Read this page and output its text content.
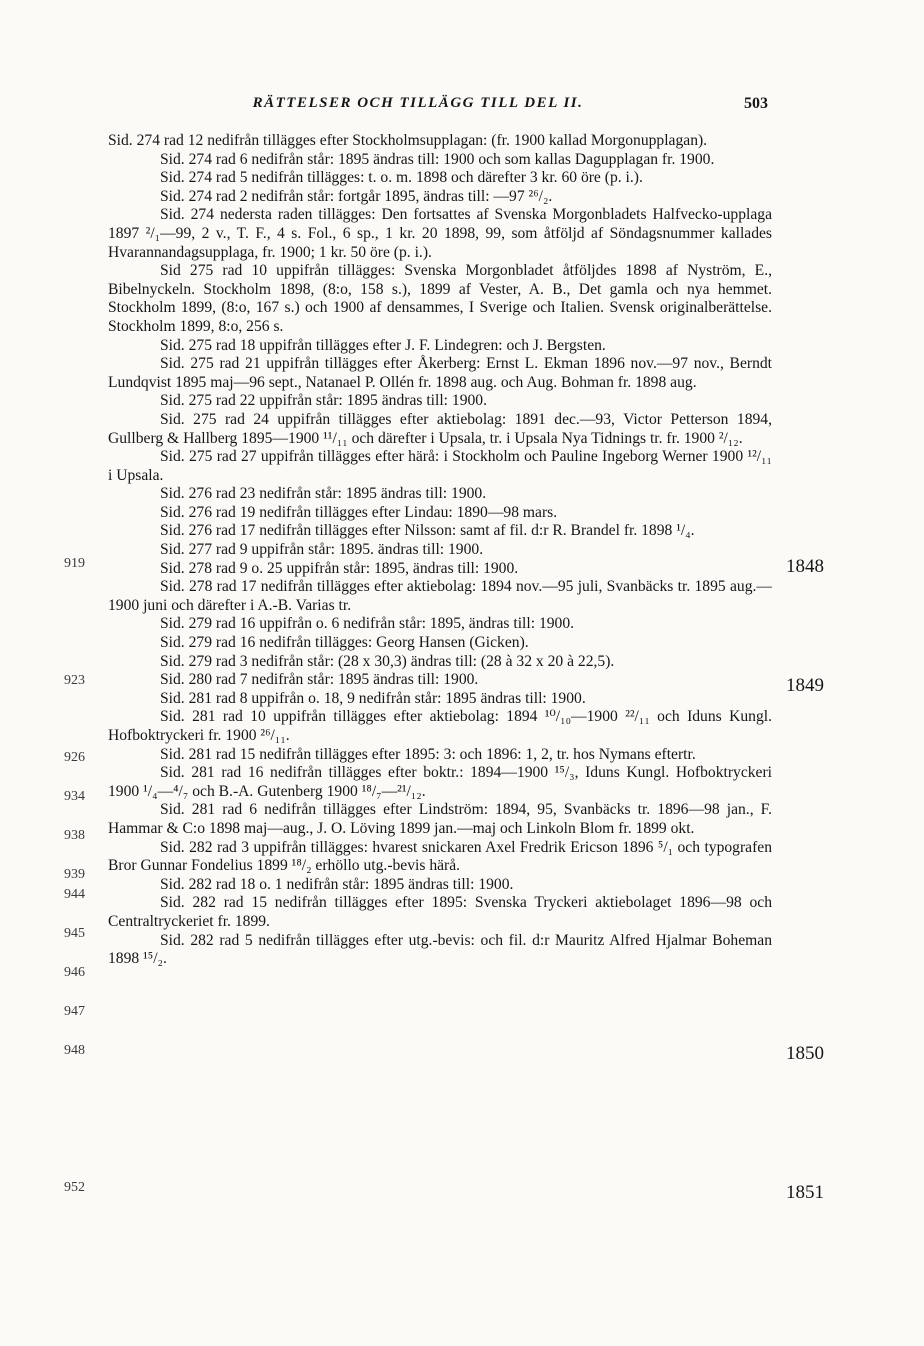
RÄTTELSER OCH TILLÄGG TILL DEL II.	503

Sid. 274 rad 12 nedifrån tillägges efter Stockholmsupplagan: (fr. 1900 kallad Morgonupplagan).

Sid. 274 rad 6 nedifrån står: 1895 ändras till: 1900 och som kallas Dagupplagan fr. 1900.

Sid. 274 rad 5 nedifrån tillägges: t. o. m. 1898 och därefter 3 kr. 60 öre (p. i.).

Sid. 274 rad 2 nedifrån står: fortgår 1895, ändras till: —97 ²⁶/₂.

Sid. 274 nedersta raden tillägges: Den fortsattes af Svenska Morgonbladets Halfvecko-upplaga 1897 ²/₁—99, 2 v., T. F., 4 s. Fol., 6 sp., 1 kr. 20 1898, 99, som åtföljd af Söndagsnummer kallades Hvarannandagsupplaga, fr. 1900; 1 kr. 50 öre (p. i.).

Sid 275 rad 10 uppifrån tillägges: Svenska Morgonbladet åtföljdes 1898 af Nyström, E., Bibelnyckeln. Stockholm 1898, (8:o, 158 s.), 1899 af Vester, A. B., Det gamla och nya hemmet. Stockholm 1899, (8:o, 167 s.) och 1900 af densammes, I Sverige och Italien. Svensk originalberättelse. Stockholm 1899, 8:o, 256 s.

Sid. 275 rad 18 uppifrån tillägges efter J. F. Lindegren: och J. Bergsten.

Sid. 275 rad 21 uppifrån tillägges efter Åkerberg: Ernst L. Ekman 1896 nov.—97 nov., Berndt Lundqvist 1895 maj—96 sept., Natanael P. Ollén fr. 1898 aug. och Aug. Bohman fr. 1898 aug.

Sid. 275 rad 22 uppifrån står: 1895 ändras till: 1900.

Sid. 275 rad 24 uppifrån tillägges efter aktiebolag: 1891 dec.—93, Victor Petterson 1894, Gullberg & Hallberg 1895—1900 ¹¹/₁₁ och därefter i Upsala, tr. i Upsala Nya Tidnings tr. fr. 1900 ²/₁₂.

Sid. 275 rad 27 uppifrån tillägges efter härå: i Stockholm och Pauline Ingeborg Werner 1900 ¹²/₁₁ i Upsala.

Sid. 276 rad 23 nedifrån står: 1895 ändras till: 1900.

Sid. 276 rad 19 nedifrån tillägges efter Lindau: 1890—98 mars.

Sid. 276 rad 17 nedifrån tillägges efter Nilsson: samt af fil. d:r R. Brandel fr. 1898 ¹/₄.

Sid. 277 rad 9 uppifrån står: 1895. ändras till: 1900.

Sid. 278 rad 9 o. 25 uppifrån står: 1895, ändras till: 1900.

Sid. 278 rad 17 nedifrån tillägges efter aktiebolag: 1894 nov.—95 juli, Svanbäcks tr. 1895 aug.—1900 juni och därefter i A.-B. Varias tr.

Sid. 279 rad 16 uppifrån o. 6 nedifrån står: 1895, ändras till: 1900.

Sid. 279 rad 16 nedifrån tillägges: Georg Hansen (Gicken).

Sid. 279 rad 3 nedifrån står: (28 x 30,3) ändras till: (28 à 32 x 20 à 22,5).

Sid. 280 rad 7 nedifrån står: 1895 ändras till: 1900.

Sid. 281 rad 8 uppifrån o. 18, 9 nedifrån står: 1895 ändras till: 1900.

Sid. 281 rad 10 uppifrån tillägges efter aktiebolag: 1894 ¹⁰/₁₀—1900 ²²/₁₁ och Iduns Kungl. Hofboktryckeri fr. 1900 ²⁶/₁₁.

Sid. 281 rad 15 nedifrån tillägges efter 1895: 3: och 1896: 1, 2, tr. hos Nymans eftertr.

Sid. 281 rad 16 nedifrån tillägges efter boktr.: 1894—1900 ¹⁵/₃, Iduns Kungl. Hofboktryckeri 1900 ¹/₄—⁴/₇ och B.-A. Gutenberg 1900 ¹⁸/₇—²¹/₁₂.

Sid. 281 rad 6 nedifrån tillägges efter Lindström: 1894, 95, Svanbäcks tr. 1896—98 jan., F. Hammar & C:o 1898 maj—aug., J. O. Löving 1899 jan.—maj och Linkoln Blom fr. 1899 okt.

Sid. 282 rad 3 uppifrån tillägges: hvarest snickaren Axel Fredrik Ericson 1896 ⁵/₁ och typografen Bror Gunnar Fondelius 1899 ¹⁸/₂ erhöllo utg.-bevis härå.

Sid. 282 rad 18 o. 1 nedifrån står: 1895 ändras till: 1900.

Sid. 282 rad 15 nedifrån tillägges efter 1895: Svenska Tryckeri aktiebolaget 1896—98 och Centraltryckeriet fr. 1899.

Sid. 282 rad 5 nedifrån tillägges efter utg.-bevis: och fil. d:r Mauritz Alfred Hjalmar Boheman 1898 ¹⁵/₂.

919
923
926
934
938
939
944
945
946
947
948
952
1848
1849
1850
1851
